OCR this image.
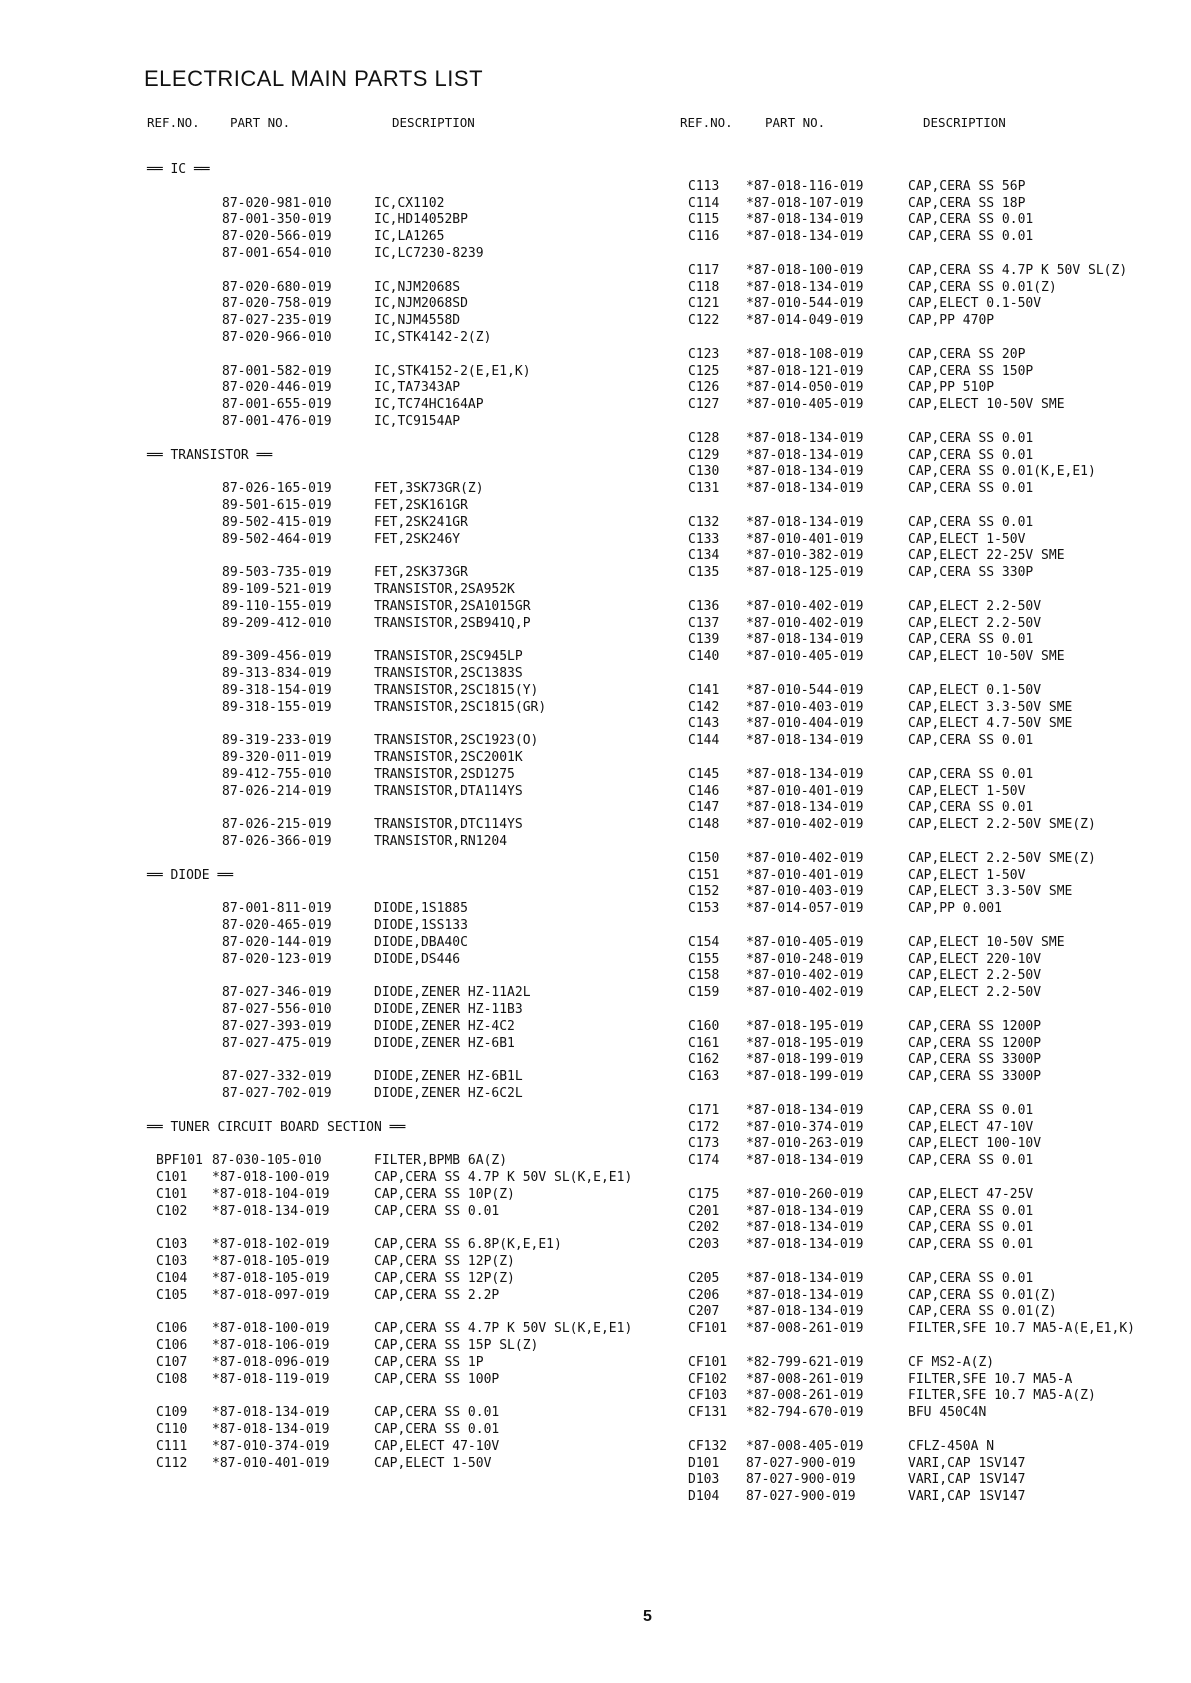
ELECTRICAL MAIN PARTS LIST
REF.NO. PART NO.	DESCRIPTION	REF.NO.	PART NO.	DESCRIPTION
══ IC ══
87-020-981-010	IC,CX1102
87-001-350-019	IC,HD14052BP
87-020-566-019	IC,LA1265
87-001-654-010	IC,LC7230-8239
87-020-680-019	IC,NJM2068S
87-020-758-019	IC,NJM2068SD
87-027-235-019	IC,NJM4558D
87-020-966-010	IC,STK4142-2(Z)
87-001-582-019	IC,STK4152-2(E,E1,K)
87-020-446-019	IC,TA7343AP
87-001-655-019	IC,TC74HC164AP
87-001-476-019	IC,TC9154AP
══ TRANSISTOR ══
87-026-165-019	FET,3SK73GR(Z)
89-501-615-019	FET,2SK161GR
89-502-415-019	FET,2SK241GR
89-502-464-019	FET,2SK246Y
89-503-735-019	FET,2SK373GR
89-109-521-019	TRANSISTOR,2SA952K
89-110-155-019	TRANSISTOR,2SA1015GR
89-209-412-010	TRANSISTOR,2SB941Q,P
89-309-456-019	TRANSISTOR,2SC945LP
89-313-834-019	TRANSISTOR,2SC1383S
89-318-154-019	TRANSISTOR,2SC1815(Y)
89-318-155-019	TRANSISTOR,2SC1815(GR)
89-319-233-019	TRANSISTOR,2SC1923(O)
89-320-011-019	TRANSISTOR,2SC2001K
89-412-755-010	TRANSISTOR,2SD1275
87-026-214-019	TRANSISTOR,DTA114YS
87-026-215-019	TRANSISTOR,DTC114YS
87-026-366-019	TRANSISTOR,RN1204
══ DIODE ══
87-001-811-019	DIODE,1S1885
87-020-465-019	DIODE,1SS133
87-020-144-019	DIODE,DBA40C
87-020-123-019	DIODE,DS446
87-027-346-019	DIODE,ZENER HZ-11A2L
87-027-556-010	DIODE,ZENER HZ-11B3
87-027-393-019	DIODE,ZENER HZ-4C2
87-027-475-019	DIODE,ZENER HZ-6B1
87-027-332-019	DIODE,ZENER HZ-6B1L
87-027-702-019	DIODE,ZENER HZ-6C2L
══ TUNER CIRCUIT BOARD SECTION ══
BPF101 87-030-105-010	FILTER,BPMB 6A(Z)
C101 *87-018-100-019	CAP,CERA SS 4.7P K 50V SL(K,E,E1)
C101 *87-018-104-019	CAP,CERA SS 10P(Z)
C102 *87-018-134-019	CAP,CERA SS 0.01
C103 *87-018-102-019	CAP,CERA SS 6.8P(K,E,E1)
C103 *87-018-105-019	CAP,CERA SS 12P(Z)
C104 *87-018-105-019	CAP,CERA SS 12P(Z)
C105 *87-018-097-019	CAP,CERA SS 2.2P
C106 *87-018-100-019	CAP,CERA SS 4.7P K 50V SL(K,E,E1)
C106 *87-018-106-019	CAP,CERA SS 15P SL(Z)
C107 *87-018-096-019	CAP,CERA SS 1P
C108 *87-018-119-019	CAP,CERA SS 100P
C109 *87-018-134-019	CAP,CERA SS 0.01
C110 *87-018-134-019	CAP,CERA SS 0.01
C111 *87-010-374-019	CAP,ELECT 47-10V
C112 *87-010-401-019	CAP,ELECT 1-50V
C113 *87-018-116-019	CAP,CERA SS 56P
C114 *87-018-107-019	CAP,CERA SS 18P
C115 *87-018-134-019	CAP,CERA SS 0.01
C116 *87-018-134-019	CAP,CERA SS 0.01
C117 *87-018-100-019	CAP,CERA SS 4.7P K 50V SL(Z)
C118 *87-018-134-019	CAP,CERA SS 0.01(Z)
C121 *87-010-544-019	CAP,ELECT 0.1-50V
C122 *87-014-049-019	CAP,PP 470P
C123 *87-018-108-019	CAP,CERA SS 20P
C125 *87-018-121-019	CAP,CERA SS 150P
C126 *87-014-050-019	CAP,PP 510P
C127 *87-010-405-019	CAP,ELECT 10-50V SME
C128 *87-018-134-019	CAP,CERA SS 0.01
C129 *87-018-134-019	CAP,CERA SS 0.01
C130 *87-018-134-019	CAP,CERA SS 0.01(K,E,E1)
C131 *87-018-134-019	CAP,CERA SS 0.01
C132 *87-018-134-019	CAP,CERA SS 0.01
C133 *87-010-401-019	CAP,ELECT 1-50V
C134 *87-010-382-019	CAP,ELECT 22-25V SME
C135 *87-018-125-019	CAP,CERA SS 330P
C136 *87-010-402-019	CAP,ELECT 2.2-50V
C137 *87-010-402-019	CAP,ELECT 2.2-50V
C139 *87-018-134-019	CAP,CERA SS 0.01
C140 *87-010-405-019	CAP,ELECT 10-50V SME
C141 *87-010-544-019	CAP,ELECT 0.1-50V
C142 *87-010-403-019	CAP,ELECT 3.3-50V SME
C143 *87-010-404-019	CAP,ELECT 4.7-50V SME
C144 *87-018-134-019	CAP,CERA SS 0.01
C145 *87-018-134-019	CAP,CERA SS 0.01
C146 *87-010-401-019	CAP,ELECT 1-50V
C147 *87-018-134-019	CAP,CERA SS 0.01
C148 *87-010-402-019	CAP,ELECT 2.2-50V SME(Z)
C150 *87-010-402-019	CAP,ELECT 2.2-50V SME(Z)
C151 *87-010-401-019	CAP,ELECT 1-50V
C152 *87-010-403-019	CAP,ELECT 3.3-50V SME
C153 *87-014-057-019	CAP,PP 0.001
C154 *87-010-405-019	CAP,ELECT 10-50V SME
C155 *87-010-248-019	CAP,ELECT 220-10V
C158 *87-010-402-019	CAP,ELECT 2.2-50V
C159 *87-010-402-019	CAP,ELECT 2.2-50V
C160 *87-018-195-019	CAP,CERA SS 1200P
C161 *87-018-195-019	CAP,CERA SS 1200P
C162 *87-018-199-019	CAP,CERA SS 3300P
C163 *87-018-199-019	CAP,CERA SS 3300P
C171 *87-018-134-019	CAP,CERA SS 0.01
C172 *87-010-374-019	CAP,ELECT 47-10V
C173 *87-010-263-019	CAP,ELECT 100-10V
C174 *87-018-134-019	CAP,CERA SS 0.01
C175 *87-010-260-019	CAP,ELECT 47-25V
C201 *87-018-134-019	CAP,CERA SS 0.01
C202 *87-018-134-019	CAP,CERA SS 0.01
C203 *87-018-134-019	CAP,CERA SS 0.01
C205 *87-018-134-019	CAP,CERA SS 0.01
C206 *87-018-134-019	CAP,CERA SS 0.01(Z)
C207 *87-018-134-019	CAP,CERA SS 0.01(Z)
CF101 *87-008-261-019	FILTER,SFE 10.7 MA5-A(E,E1,K)
CF101 *82-799-621-019	CF MS2-A(Z)
CF102 *87-008-261-019	FILTER,SFE 10.7 MA5-A
CF103 *87-008-261-019	FILTER,SFE 10.7 MA5-A(Z)
CF131 *82-794-670-019	BFU 450C4N
CF132 *87-008-405-019	CFLZ-450A N
D101 87-027-900-019	VARI,CAP 1SV147
D103 87-027-900-019	VARI,CAP 1SV147
D104 87-027-900-019	VARI,CAP 1SV147
5
